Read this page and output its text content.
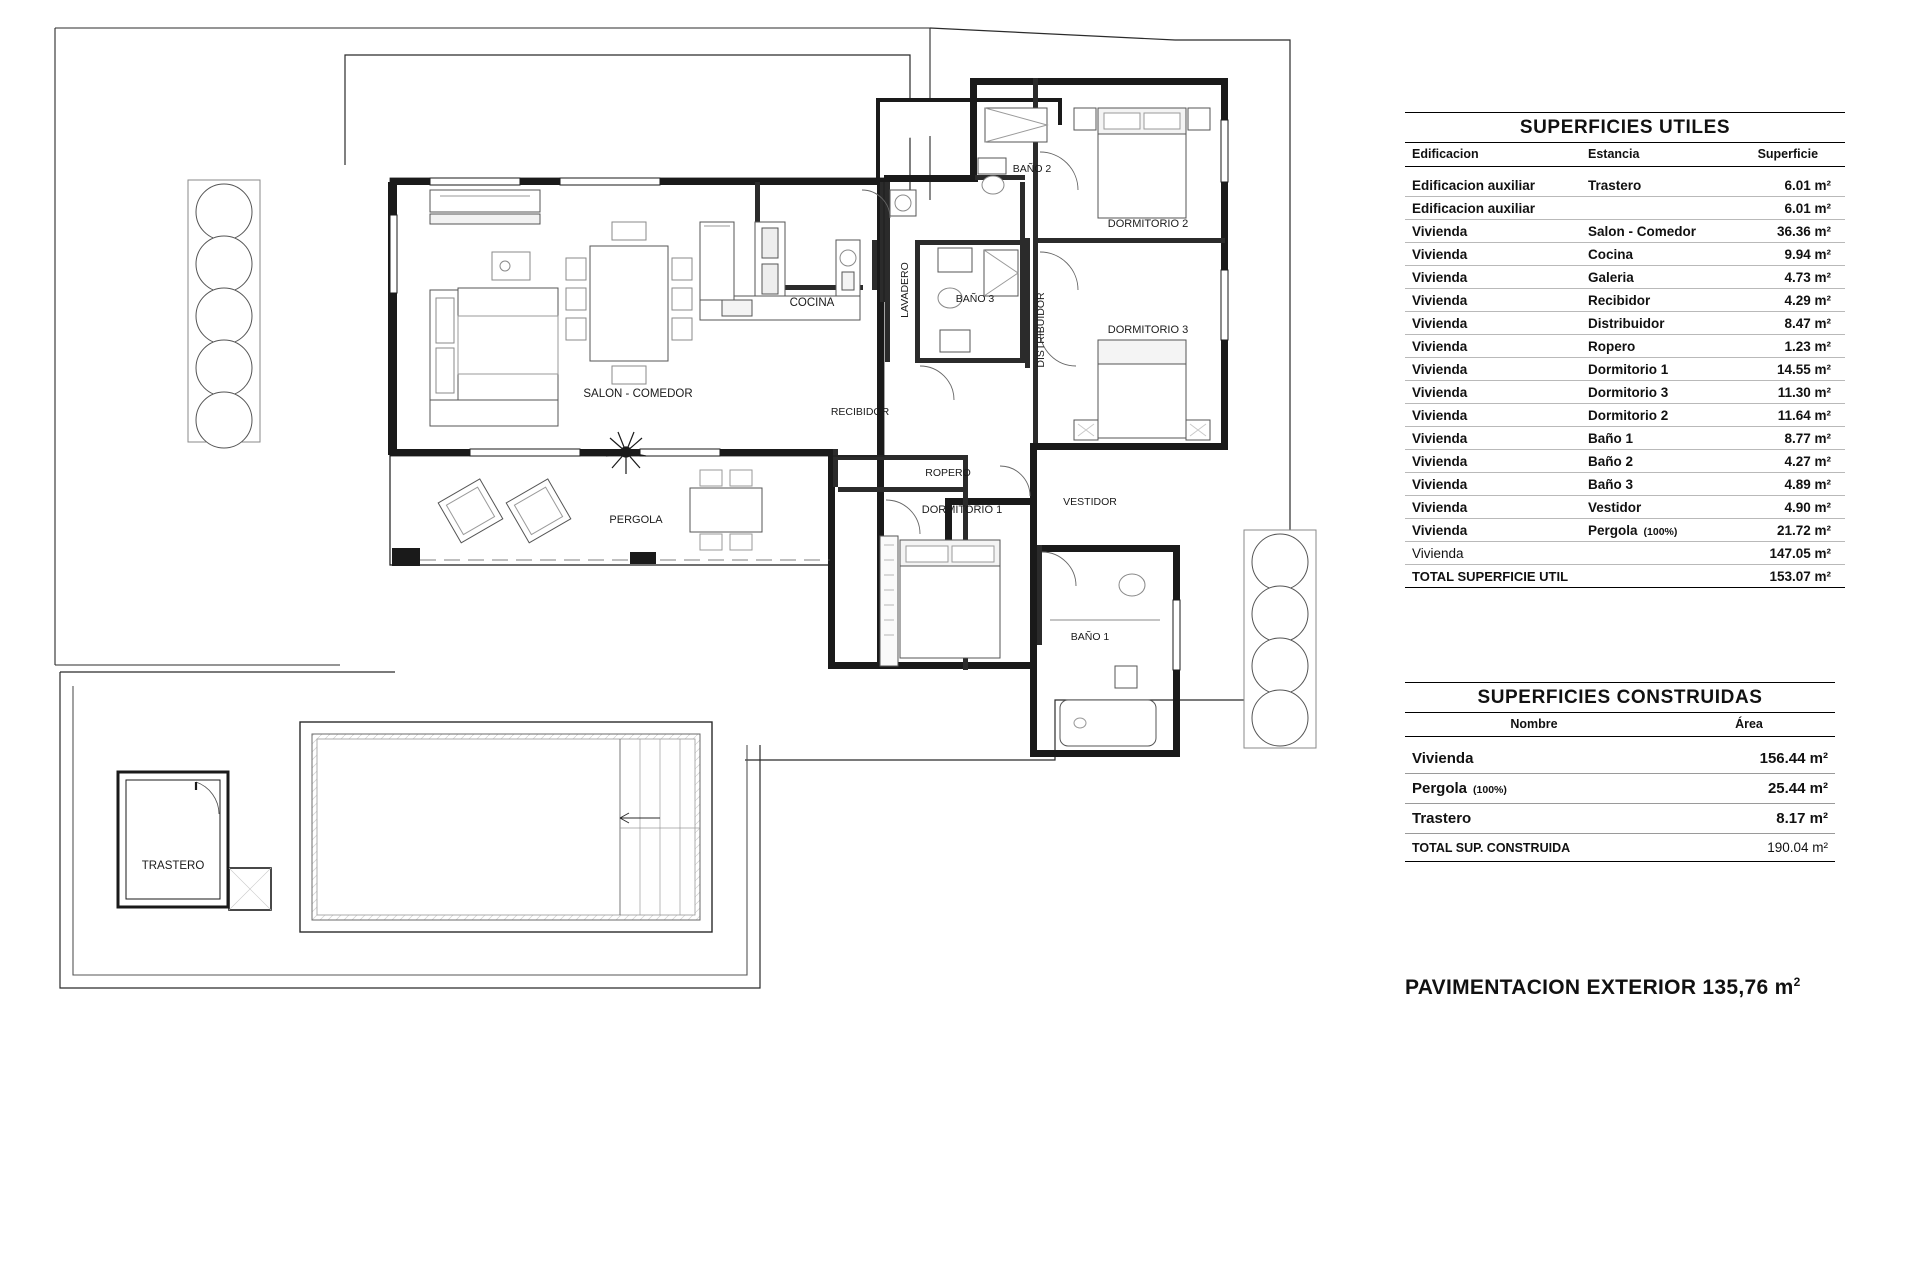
TRASTERO
COCINA
SALON - COMEDOR
BAÑO 2
BAÑO 3
BAÑO 1
DORMITORIO 2
DORMITORIO 3
DORMITORIO 1
RECIBIDOR
ROPERO
VESTIDOR
PERGOLA
LAVADERO
DISTRIBUIDOR
SUPERFICIES UTILES		
Edificacion	Estancia	Superficie

Edificacion auxiliar	Trastero	6.01 m²
Edificacion auxiliar		6.01 m²
Vivienda	Salon - Comedor	36.36 m²
Vivienda	Cocina	9.94 m²
Vivienda	Galeria	4.73 m²
Vivienda	Recibidor	4.29 m²
Vivienda	Distribuidor	8.47 m²
Vivienda	Ropero	1.23 m²
Vivienda	Dormitorio 1	14.55 m²
Vivienda	Dormitorio 3	11.30 m²
Vivienda	Dormitorio 2	11.64 m²
Vivienda	Baño 1	8.77 m²
Vivienda	Baño 2	4.27 m²
Vivienda	Baño 3	4.89 m²
Vivienda	Vestidor	4.90 m²
Vivienda	Pergola (100%)	21.72 m²
Vivienda		147.05 m²
TOTAL SUPERFICIE UTIL		153.07 m²
SUPERFICIES CONSTRUIDAS	
Nombre	Área

Vivienda	156.44 m²
Pergola (100%)	25.44 m²
Trastero	8.17 m²
TOTAL SUP. CONSTRUIDA	190.04 m²
PAVIMENTACION EXTERIOR 135,76 $m^2$
